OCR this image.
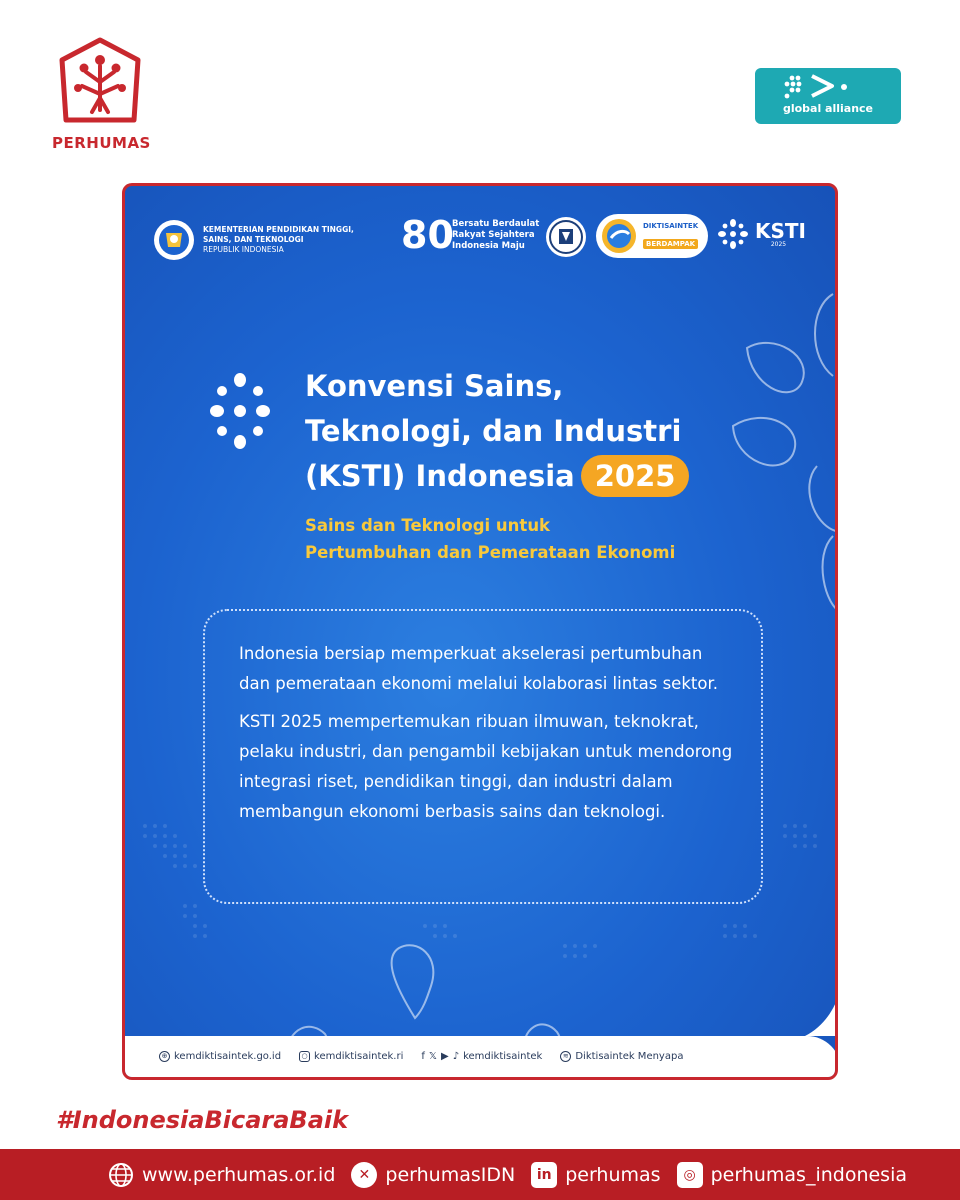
PERHUMAS
global alliance
KEMENTERIAN PENDIDIKAN TINGGI,
SAINS, DAN TEKNOLOGI
REPUBLIK INDONESIA	80
Bersatu Berdaulat
Rakyat Sejahtera
Indonesia Maju
DIKTISAINTEK
BERDAMPAK
KSTI
2025
Konvensi Sains,
Teknologi, dan Industri
(KSTI) Indonesia 2025
Sains dan Teknologi untuk
Pertumbuhan dan Pemerataan Ekonomi

Indonesia bersiap memperkuat akselerasi pertumbuhan dan pemerataan ekonomi melalui kolaborasi lintas sektor.

KSTI 2025 mempertemukan ribuan ilmuwan, teknokrat, pelaku industri, dan pengambil kebijakan untuk mendorong integrasi riset, pendidikan tinggi, dan industri dalam membangun ekonomi berbasis sains dan teknologi.

⊕ kemdiktisaintek.go.id	○ kemdiktisaintek.ri f 𝕏 ▶ ♪ kemdiktisaintek	≋ Diktisaintek Menyapa
#IndonesiaBicaraBaik
www.perhumas.or.id	✕ perhumasIDN	in perhumas	◎ perhumas_indonesia
